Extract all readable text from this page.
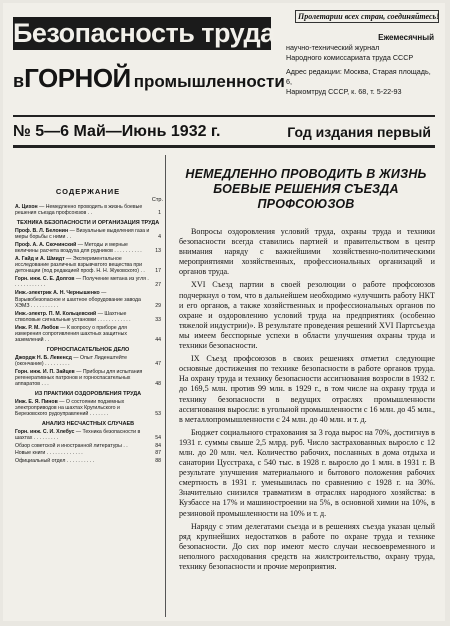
Безопасность труда
вГОРНОЙ промышленности
Пролетарии всех стран, соединяйтесь!
Ежемесячный
научно-технический журнал
Народного комиссариата труда СССР
Адрес редакции: Москва, Старая площадь, 6,
Наркомтруд СССР, к. 68, т. 5-22-93
№ 5—6 Май—Июнь 1932 г.	Год издания первый
СОДЕРЖАНИЕ
Стр.
А. Цихон — Немедленно проводить в жизнь боевые решения съезда профсоюзов . .	1
ТЕХНИКА БЕЗОПАСНОСТИ И ОРГАНИЗАЦИЯ ТРУДА
Проф. В. Л. Белонин — Визуальные выделения газа и меры борьбы с ними . .	4
Проф. А. А. Скочинский — Методы и мерные величины расчета воздуха для рудников . . . . . . . . . .	13
А. Гайд и А. Шмидт — Экспериментальное исследование различных взрывчатого вещества при детонации (под редакцией проф. Н. Н. Жуковского) . . 17
Горн. инж. С. Е. Долгов — Получение метана из угля . . . . . . . . . . . .	27
Инж.-электрик А. Н. Чернышенко — Взрывобезопасное и шахтное оборудование завода ХЭМЗ . . . . . . . . . .	29
Инж.-электр. П. М. Кольцевский — Шахтные стволовые сигнальные установки . . . . . . . . . . . .	33
Инж. Р. М. Любов — К вопросу о приборе для измерения сопротивления шахтных защитных заземлений . .	44
ГОРНОСПАСАТЕЛЬНОЕ ДЕЛО
Джордж Н. Б. Левенсд — Опыт Лиденштейте (окончание) . . . . . . . . .	47
Горн. инж. И. П. Зайцев — Приборы для испытания регенеративных патронов и горноспасательных аппаратов . . .	48
ИЗ ПРАКТИКИ ОЗДОРОВЛЕНИЯ ТРУДА
Инж. Е. Я. Пинов — О состоянии подземных электроприводов на шахтах Кругильского и Березовского рудоуправлений . . . . . . .	53
АНАЛИЗ НЕСЧАСТНЫХ СЛУЧАЕВ
Горн. инж. С. И. Хлебус — Техника безопасности в шахтах . . . . . . . . .	54
Обзор советской и иностранной литературы . .	84
Новые книги . . . . . . . . . . . . .	87
Официальный отдел . . . . . . . . . .	88
НЕМЕДЛЕННО ПРОВОДИТЬ В ЖИЗНЬ БОЕВЫЕ РЕШЕНИЯ СЪЕЗДА ПРОФСОЮЗОВ

Вопросы оздоровления условий труда, охраны труда и техники безопасности всегда ставились партией и правительством в центр внимания наряду с важнейшими хозяйственно-политическими мероприятиями хозяйственных, профессиональных организаций и органов труда.

XVI Съезд партии в своей резолюции о работе профсоюзов подчеркнул о том, что в дальнейшем необходимо «улучшить работу НКТ и его органов, а также хозяйственных и профессиональных органов по охране и оздоровлению условий труда на предприятиях (особенно тяжелой индустрии)». В результате проведения решений XVI Партсъезда мы имеем бесспорные успехи в области улучшения охраны труда и техники безопасности.

IX Съезд профсоюзов в своих решениях отметил следующие основные достижения по технике безопасности в работе органов труда. На охрану труда и технику безопасности ассигнования возросли в 1932 г. до 169,5 млн. против 99 млн. в 1929 г., в том числе на охрану труда и технику безопасности в ведущих отраслях промышленности ассигнования выросли: в угольной промышленности с 16 млн. до 45 млн., в металлопромышленности с 24 млн. до 40 млн. и т. д.

Бюджет социального страхования за 3 года вырос на 70%, достигнув в 1931 г. суммы свыше 2,5 млрд. руб. Число застрахованных выросло с 12 млн. до 20 млн. чел. Количество рабочих, посланных в дома отдыха и санатории Цусстраха, с 540 тыс. в 1928 г. выросло до 1 млн. в 1931 г. В результате улучшения материального и бытового положения рабочих смертность в 1931 г. уменьшилась по сравнению с 1928 г. на 30%. Значительно снизился травматизм в отраслях народного хозяйства: в Кузбассе на 17% и машиностроении на 5%, в основной химии на 10%, в резиновой промышленности на 10% и т. д.

Наряду с этим делегатами съезда и в решениях съезда указан целый ряд крупнейших недостатков в работе по охране труда и технике безопасности. До сих пор имеют место случаи несвоевременного и неполного расходования средств на жилстроительство, охрану труда, технику безопасности и прочие мероприятия.
